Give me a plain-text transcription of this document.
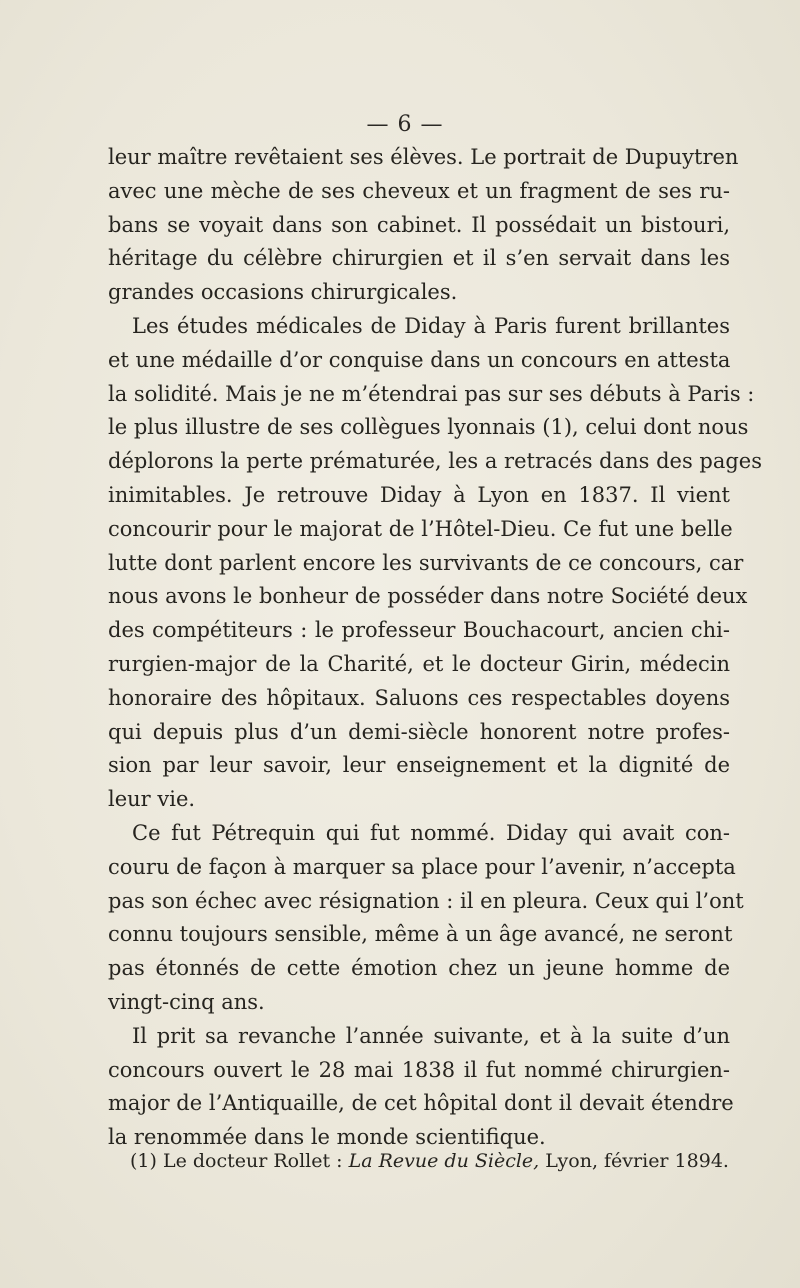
— 6 —
leur maître revêtaient ses élèves. Le portrait de Dupuytren
avec une mèche de ses cheveux et un fragment de ses ru-
bans se voyait dans son cabinet. Il possédait un bistouri,
héritage du célèbre chirurgien et il s’en servait dans les
grandes occasions chirurgicales.
Les études médicales de Diday à Paris furent brillantes
et une médaille d’or conquise dans un concours en attesta
la solidité. Mais je ne m’étendrai pas sur ses débuts à Paris :
le plus illustre de ses collègues lyonnais (1), celui dont nous
déplorons la perte prématurée, les a retracés dans des pages
inimitables. Je retrouve Diday à Lyon en 1837. Il vient
concourir pour le majorat de l’Hôtel-Dieu. Ce fut une belle
lutte dont parlent encore les survivants de ce concours, car
nous avons le bonheur de posséder dans notre Société deux
des compétiteurs : le professeur Bouchacourt, ancien chi-
rurgien-major de la Charité, et le docteur Girin, médecin
honoraire des hôpitaux. Saluons ces respectables doyens
qui depuis plus d’un demi-siècle honorent notre profes-
sion par leur savoir, leur enseignement et la dignité de
leur vie.
Ce fut Pétrequin qui fut nommé. Diday qui avait con-
couru de façon à marquer sa place pour l’avenir, n’accepta
pas son échec avec résignation : il en pleura. Ceux qui l’ont
connu toujours sensible, même à un âge avancé, ne seront
pas étonnés de cette émotion chez un jeune homme de
vingt-cinq ans.
Il prit sa revanche l’année suivante, et à la suite d’un
concours ouvert le 28 mai 1838 il fut nommé chirurgien-
major de l’Antiquaille, de cet hôpital dont il devait étendre
la renommée dans le monde scientifique.
(1) Le docteur Rollet : La Revue du Siècle, Lyon, février 1894.
